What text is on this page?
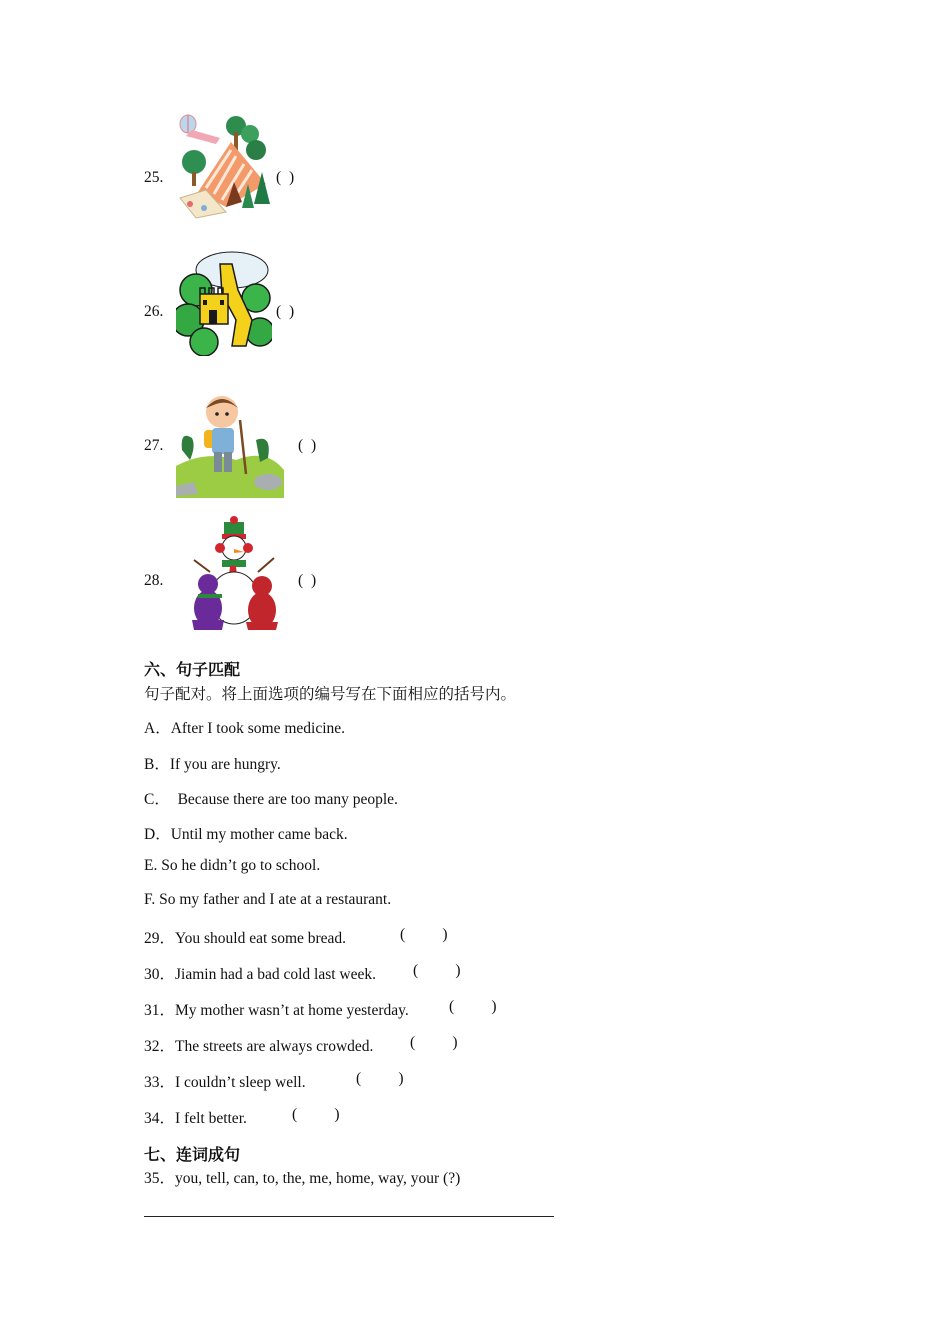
25.	( )
26.	( )
27.	( )
28.	( )
六、句子匹配
句子配对。将上面选项的编号写在下面相应的括号内。
A．After I took some medicine.
B．If you are hungry.
C．  Because there are too many people.
D．Until my mother came back.
E. So he didn’t go to school.
F. So my father and I ate at a restaurant.
29．You should eat some bread.	(      )
30．Jiamin had a bad cold last week. (      )
31．My mother wasn’t at home yesterday.	(      )
32．The streets are always crowded. (      )
33．I couldn’t sleep well.	(      )
34．I felt better.	(      )
七、连词成句
35．you, tell, can, to, the, me, home, way, your (?)
